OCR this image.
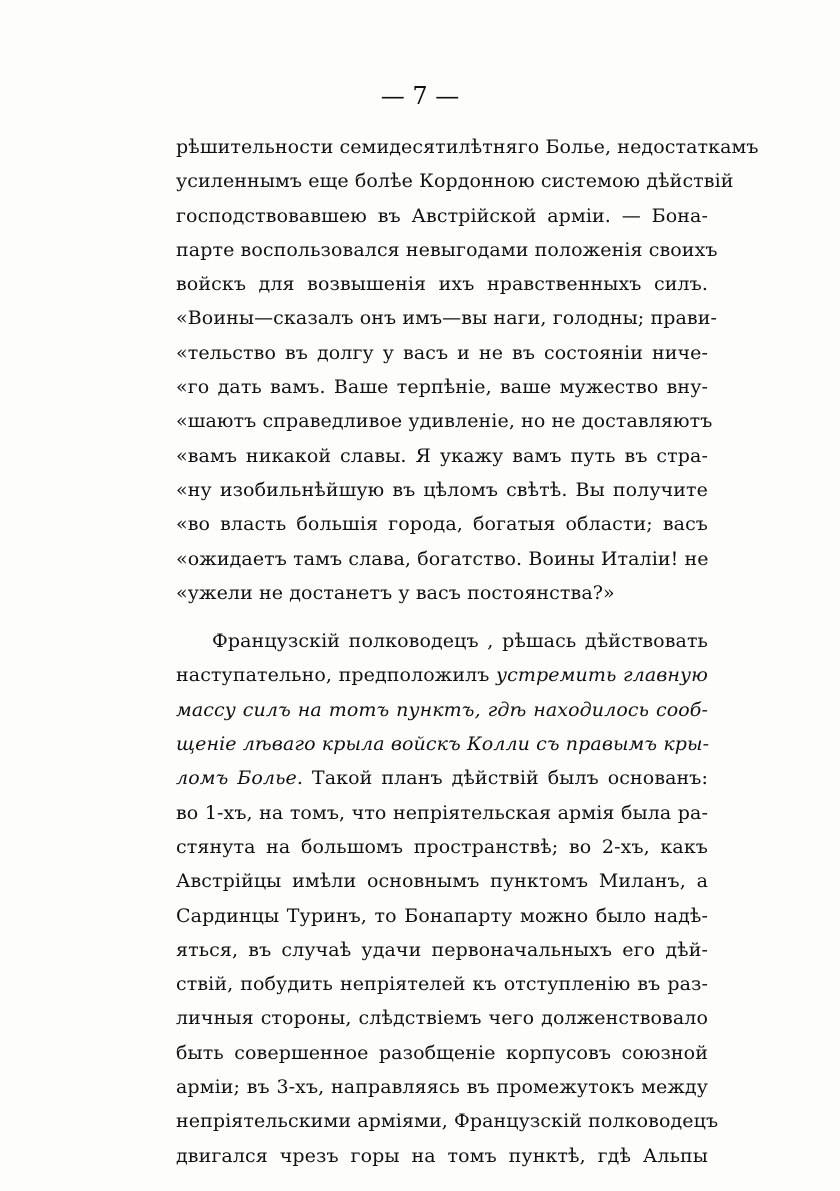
— 7 —
рѣшительности семидесятилѣтняго Болье, недостаткамъ
усиленнымъ еще болѣе Кордонною системою дѣйствій
господствовавшею въ Австрійской арміи. — Бона-
парте воспользовался невыгодами положенія своихъ
войскъ для возвышенія ихъ нравственныхъ силъ.
«Воины—сказалъ онъ имъ—вы наги, голодны; прави-
«тельство въ долгу у васъ и не въ состояніи ниче-
«го дать вамъ. Ваше терпѣніе, ваше мужество вну-
«шаютъ справедливое удивленіе, но не доставляютъ
«вамъ никакой славы. Я укажу вамъ путь въ стра-
«ну изобильнѣйшую въ цѣломъ свѣтѣ. Вы получите
«во власть большія города, богатыя области; васъ
«ожидаетъ тамъ слава, богатство. Воины Италіи! не
«ужели не достанетъ у васъ постоянства?»
Французскій полководецъ , рѣшась дѣйствовать
наступательно, предположилъ устремить главную
массу силъ на тотъ пунктъ, гдѣ находилось сооб-
щеніе лѣваго крыла войскъ Колли съ правымъ кры-
ломъ Болье. Такой планъ дѣйствій былъ основанъ:
во 1-хъ, на томъ, что непріятельская армія была ра-
стянута на большомъ пространствѣ; во 2-хъ, какъ
Австрійцы имѣли основнымъ пунктомъ Миланъ, а
Сардинцы Туринъ, то Бонапарту можно было надѣ-
яться, въ случаѣ удачи первоначальныхъ его дѣй-
ствій, побудить непріятелей къ отступленію въ раз-
личныя стороны, слѣдствіемъ чего долженствовало
быть совершенное разобщеніе корпусовъ союзной
арміи; въ 3-хъ, направляясь въ промежутокъ между
непріятельскими арміями, Французскій полководецъ
двигался чрезъ горы на томъ пунктѣ, гдѣ Альпы
